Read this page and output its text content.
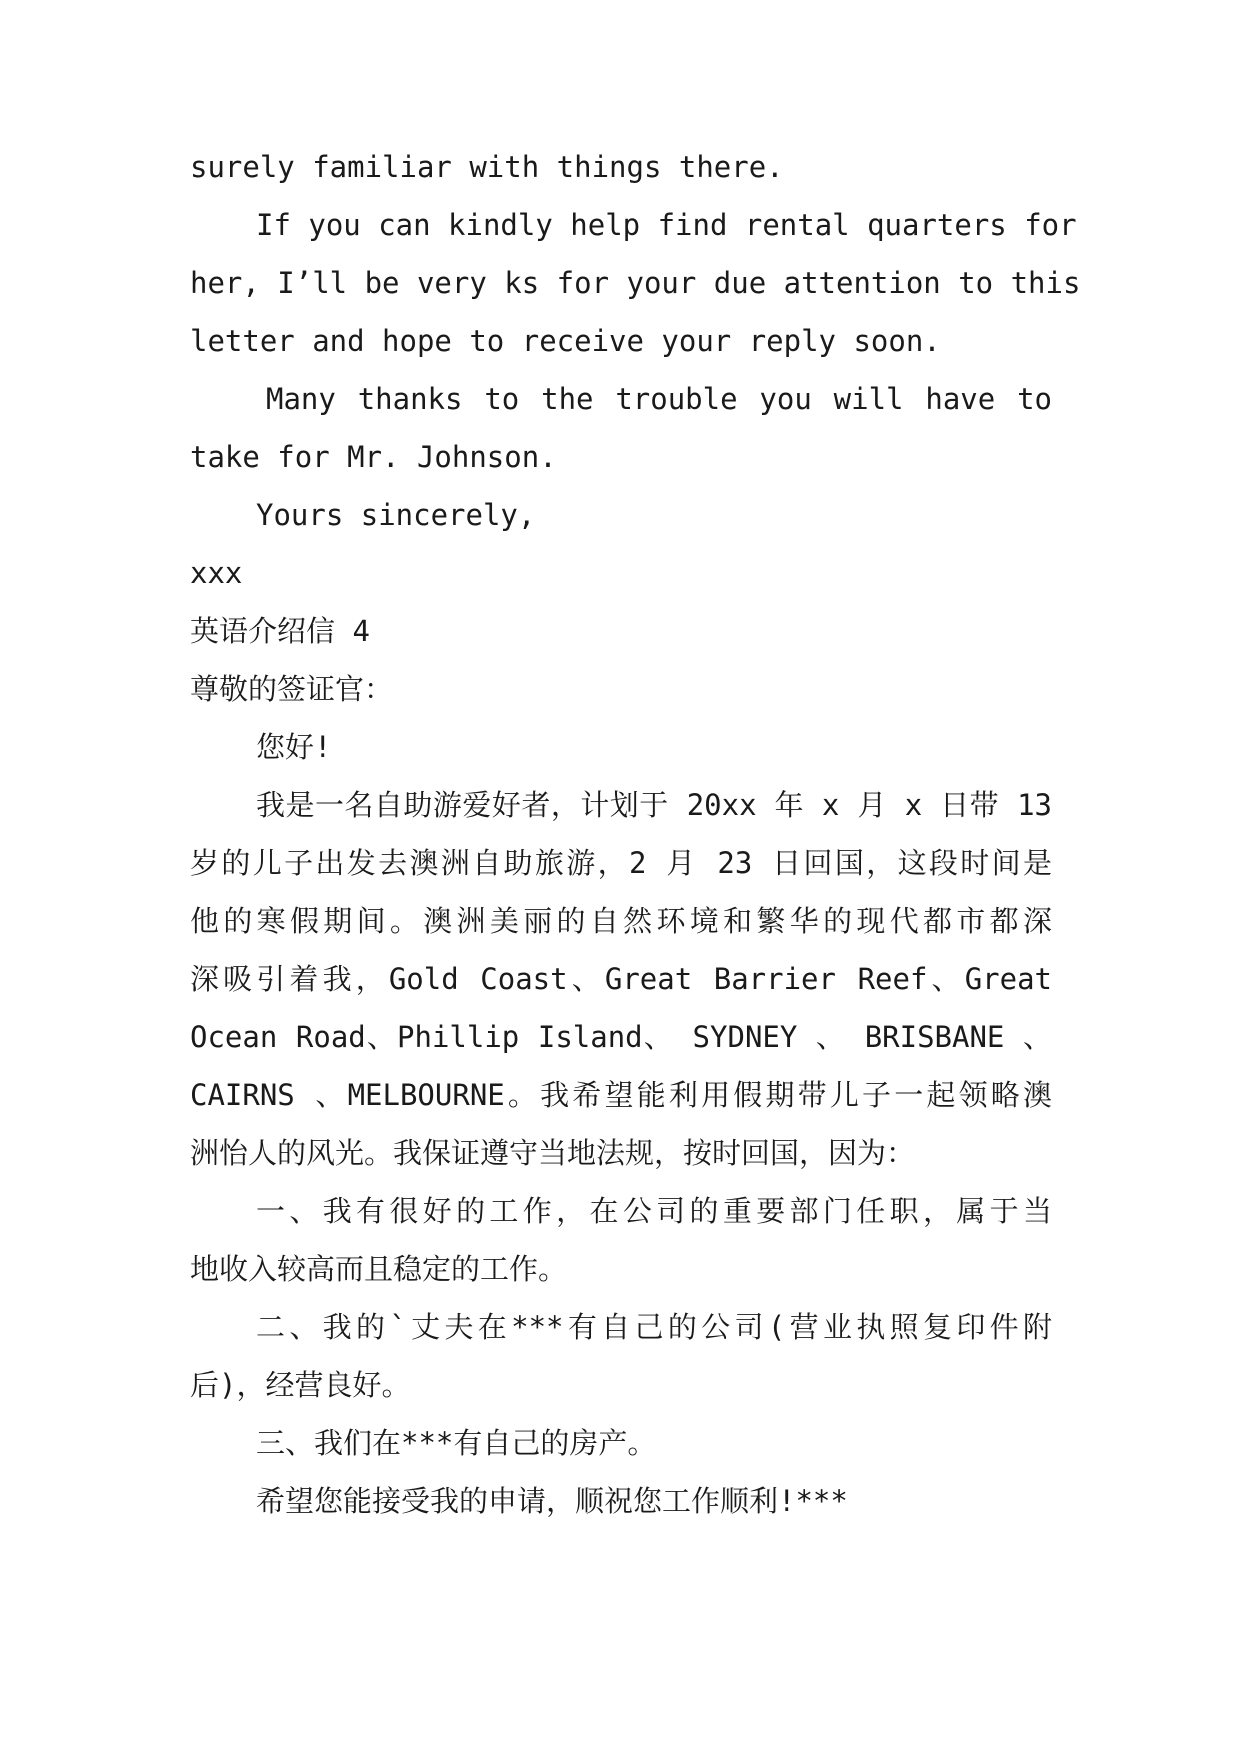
surely familiar with things there.
If you can kindly help find rental quarters for
her, I’ll be very ks for your due attention to this
letter and hope to receive your reply soon.
Many thanks to the trouble you will have to
take for Mr. Johnson.
Yours sincerely,
xxx
英语介绍信 4
尊敬的签证官：
您好!
我是一名自助游爱好者，计划于 20xx 年 x 月 x 日带 13
岁的儿子出发去澳洲自助旅游，2 月 23 日回国，这段时间是
他的寒假期间。澳洲美丽的自然环境和繁华的现代都市都深
深吸引着我，Gold Coast、Great Barrier Reef、Great
Ocean Road、Phillip Island、 SYDNEY 、 BRISBANE 、
CAIRNS 、MELBOURNE。我希望能利用假期带儿子一起领略澳
洲怡人的风光。我保证遵守当地法规，按时回国，因为：
一、我有很好的工作，在公司的重要部门任职，属于当
地收入较高而且稳定的工作。
二、我的`丈夫在***有自己的公司(营业执照复印件附
后)，经营良好。
三、我们在***有自己的房产。
希望您能接受我的申请，顺祝您工作顺利!***
